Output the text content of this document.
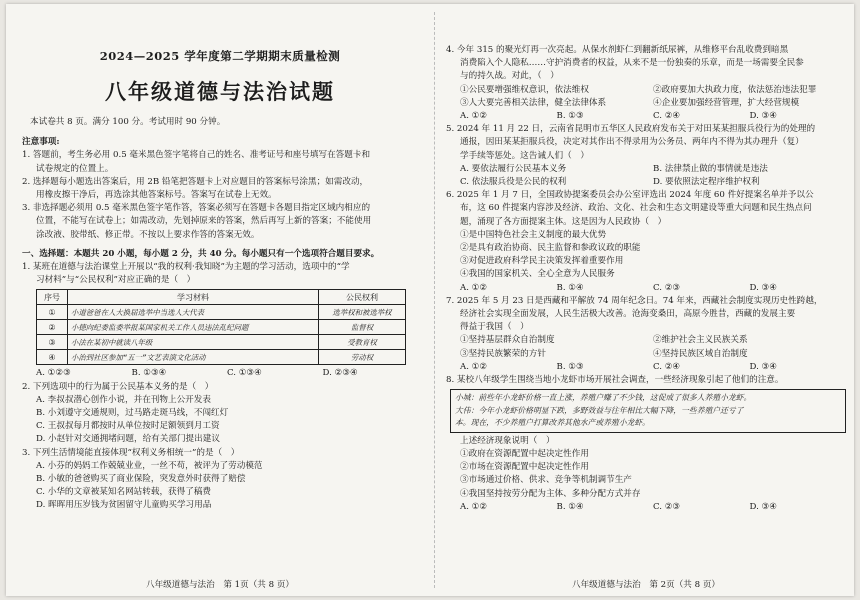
2024—2025 学年度第二学期期末质量检测
八年级道德与法治试题

本试卷共 8 页。满分 100 分。考试用时 90 分钟。

注意事项:

1. 答题前，考生务必用 0.5 毫米黑色签字笔将自己的姓名、准考证号和座号填写在答题卡和

试卷规定的位置上。

2. 选择题每小题选出答案后，用 2B 铅笔把答题卡上对应题目的答案标号涂黑；如需改动，

用橡皮擦干净后，再选涂其他答案标号。答案写在试卷上无效。

3. 非选择题必须用 0.5 毫米黑色签字笔作答，答案必须写在答题卡各题目指定区域内相应的

位置，不能写在试卷上；如需改动，先划掉原来的答案，然后再写上新的答案；不能使用

涂改液、胶带纸、修正带。不按以上要求作答的答案无效。

一、选择题：本题共 20 小题，每小题 2 分，共 40 分。每小题只有一个选项符合题目要求。

1. 某班在道德与法治课堂上开展以“我的权利·我知晓”为主题的学习活动，选项中的“学

习材料”与“公民权利”对应正确的是（　）

序号	学习材料	公民权利
①	小道爸爸在人大换届选举中当选人大代表	选举权和被选举权
②	小德向纪委监委举报某国家机关工作人员违法乱纪问题	监督权
③	小法在某初中就读八年级	受教育权
④	小治到社区参加“五一”文艺表演文化活动	劳动权
A. ①②③	B. ①③④	C. ①③④	D. ②③④

2. 下列选项中的行为属于公民基本义务的是（　）

A. 李叔叔潜心创作小说，并在刊物上公开发表

B. 小刘遵守交通规则，过马路走斑马线，不闯红灯

C. 王叔叔每月都按时从单位按时足额领到月工资

D. 小赵针对交通拥堵问题，给有关部门提出建议

3. 下列生活情境能直接体现“权利义务相统一”的是（　）

A. 小芬的妈妈工作兢兢业业，一丝不苟，被评为了劳动模范

B. 小敏的爸爸购买了商业保险，突发意外时获得了赔偿

C. 小华的文章被某知名网站转载，获得了稿费

D. 晖晖用压岁钱为贫困留守儿童购买学习用品

八年级道德与法治　第 1页（共 8 页）

4. 今年 315 的聚光灯再一次亮起。从保水剂虾仁到翻新纸尿裤，从维修平台乱收费到暗黑

消费陷入个人隐私……守护消费者的权益，从来不是一份独奏的乐章，而是一场需要全民参

与的持久战。对此，（　）

①公民要增强维权意识，依法维权	②政府要加大执政力度，依法惩治违法犯罪
③人大要完善相关法律，健全法律体系	④企业要加强经营管理，扩大经营规模
A. ①②	B. ①③	C. ②④	D. ③④

5. 2024 年 11 月 22 日，云南省昆明市五华区人民政府发布关于对田某某担服兵役行为的处理的

通报，因田某某拒服兵役，决定对其作出不得录用为公务员、两年内不得为其办理升（复）

学手续等惩处。这告诫人们（　）

A. 要依法履行公民基本义务	B. 法律禁止做的事情就是违法
C. 依法服兵役是公民的权利	D. 要依照法定程序维护权利

6. 2025 年 1 月 7 日，全国政协提案委员会办公室评选出 2024 年度 60 件好提案名单并予以公

布，这 60 件提案内容涉及经济、政治、文化、社会和生态文明建设等重大问题和民生热点问

题，涌现了各方面提案主体。这是因为人民政协（　）

①是中国特色社会主义制度的最大优势

②是具有政治协商、民主监督和参政议政的职能

③对促进政府科学民主决策发挥着重要作用

④我国的国家机关、全心全意为人民服务

A. ①②	B. ①④	C. ②③	D. ③④

7. 2025 年 5 月 23 日是西藏和平解放 74 周年纪念日。74 年来，西藏社会制度实现历史性跨越，

经济社会实现全面发展，人民生活极大改善。沧海变桑田，高原今胜昔，西藏的发展主要

得益于我国（　）

①坚持基层群众自治制度	②维护社会主义民族关系
③坚持民族繁荣的方针	④坚持民族区域自治制度
A. ①②	B. ①③	C. ②④	D. ③④

8. 某校八年级学生围绕当地小龙虾市场开展社会调查，一些经济现象引起了他们的注意。

小城：前些年小龙虾价格一直上涨，养殖户赚了不少钱，这促成了很多人养殖小龙虾。
大伟：今年小龙虾价格明显下跌，多野效益与往年相比大幅下降，一些养殖户还亏了
本。现在，不少养殖户打算改养其他水产或养殖小龙虾。

上述经济现象说明（　）

①政府在资源配置中起决定性作用

②市场在资源配置中起决定性作用

③市场通过价格、供求、竞争等机制调节生产

④我国坚持按劳分配为主体、多种分配方式并存

A. ①②	B. ①④	C. ②③	D. ③④
八年级道德与法治　第 2页（共 8 页）
